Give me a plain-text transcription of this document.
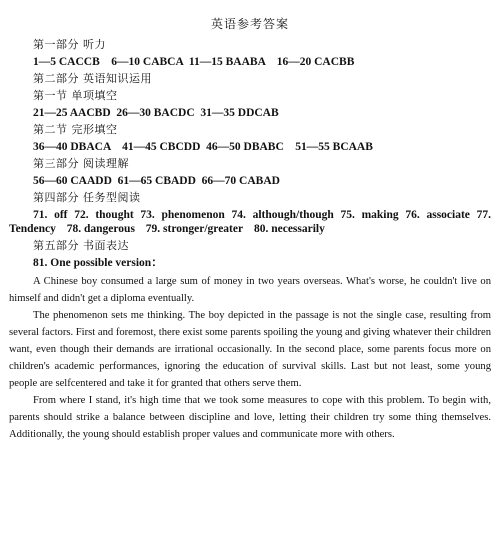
英语参考答案
第一部分 听力
1—5 CACCB    6—10 CABCA  11—15 BAABA    16—20 CACBB
第二部分 英语知识运用
第一节 单项填空
21—25 AACBD  26—30 BACDC  31—35 DDCAB
第二节 完形填空
36—40 DBACA    41—45 CBCDD  46—50 DBABC    51—55 BCAAB
第三部分 阅读理解
56—60 CAADD  61—65 CBADD  66—70 CABAD
第四部分 任务型阅读
71. off 72. thought 73. phenomenon 74. although/though 75. making 76. associate 77.
Tendency 78. dangerous 79. stronger/greater 80. necessarily
第五部分 书面表达
81. One possible version：

A Chinese boy consumed a large sum of money in two years overseas. What's worse, he couldn't live on himself and didn't get a diploma eventually.

The phenomenon sets me thinking. The boy depicted in the passage is not the single case, resulting from several factors. First and foremost, there exist some parents spoiling the young and giving whatever their children want, even though their demands are irrational occasionally. In the second place, some parents focus more on children's academic performances, ignoring the education of survival skills. Last but not least, some young people are selfcentered and take it for granted that others serve them.

From where I stand, it's high time that we took some measures to cope with this problem. To begin with, parents should strike a balance between discipline and love, letting their children try some thing themselves. Additionally, the young should establish proper values and communicate more with others.
